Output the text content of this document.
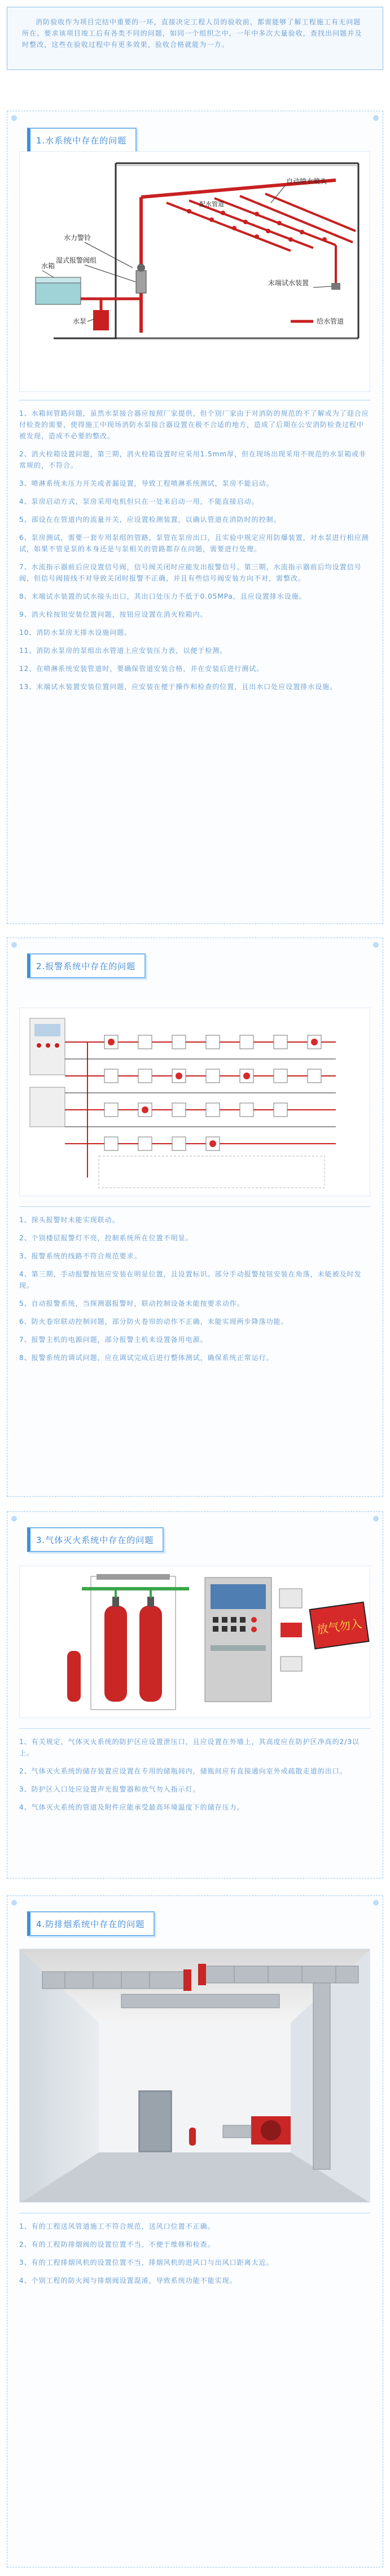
消防验收作为项目完结中重要的一环，直接决定工程人员的验收前，都需能够了解工程施工有无问题所在。要求该项目竣工后有各类不同的问题，如同一个组织之中，一年中多次大量验收，查找出问题并及时整改，这些在验收过程中有更多效果，验收合格就能为一方。

1.水系统中存在的问题
水力警铃
湿式报警阀组
水箱
水泵
自动喷水喷头
末端试水装置
配水管道
给水管道

1、水箱间管路问题，虽然水泵接合器应按照厂家提供，但个别厂家由于对消防的规范的不了解或为了迎合应付检查的需要，使得施工中现场消防水泵接合器设置在极不合适的地方，造成了后期在公安消防检查过程中被发现，造成不必要的整改。

2、消火栓箱设置问题，第三期，消火栓箱设置时应采用1.5mm厚，但在现场出现采用不规范的水泵箱或非常规的，不符合。

3、喷淋系统未压力开关或者漏设置，导致工程喷淋系统测试，泵房不能启动。

4、泵房启动方式，泵房采用电机但只在一处来启动一用，不能直接启动。

5、部设在在管道内的流量开关，应设置检测装置，以确认管道在消防时的控制。

6、泵房测试，需要一套专用泵组的管路，泵管在泵房出口，且实验中规定应用防爆装置，对水泵进行相应测试，如果不管是泵的本身还是与泵相关的管路都存在问题，需要进行处理。

7、水流指示器前后应设置信号阀，信号阀关闭时应能发出报警信号。第三期，水流指示器前后均设置信号阀，但信号阀接线不对导致关闭时报警不正确，并且有些信号阀安装方向不对，需整改。

8、末端试水装置的试水接头出口，其出口处压力不低于0.05MPa，且应设置排水设施。

9、消火栓按钮安装位置问题，按钮应设置在消火栓箱内。

10、消防水泵房无排水设施问题。

11、消防水泵房的泵组出水管道上应安装压力表，以便于检测。

12、在喷淋系统安装管道时，要确保管道安装合格，并在安装后进行测试。

13、末端试水装置安装位置问题，应安装在便于操作和检查的位置，且出水口处应设置排水设施。

2.报警系统中存在的问题

1、探头报警时未能实现联动。

2、个别楼层报警灯不亮，控制系统所在位置不明显。

3、报警系统的线路不符合规范要求。

4、第三期，手动报警按钮应安装在明显位置，且设置标识。部分手动报警按钮安装在角落，未能被及时发现。

5、自动报警系统，当探测器报警时，联动控制设备未能按要求动作。

6、防火卷帘联动控制问题，部分防火卷帘的动作不正确，未能实现两步降落功能。

7、报警主机的电源问题，部分报警主机未设置备用电源。

8、报警系统的调试问题，应在调试完成后进行整体测试，确保系统正常运行。

3.气体灭火系统中存在的问题
放气勿入

1、有关规定，气体灭火系统的防护区应设置泄压口，且应设置在外墙上，其高度应在防护区净高的2/3以上。

2、气体灭火系统的储存装置应设置在专用的储瓶间内，储瓶间应有直接通向室外或疏散走道的出口。

3、防护区入口处应设置声光报警器和放气勿入指示灯。

4、气体灭火系统的管道及附件应能承受最高环境温度下的储存压力。

4.防排烟系统中存在的问题

1、有的工程送风管道施工不符合规范，送风口位置不正确。

2、有的工程防排烟阀的设置位置不当，不便于维修和检查。

3、有的工程排烟风机的设置位置不当，排烟风机的进风口与出风口距离太近。

4、个别工程的防火阀与排烟阀设置混淆，导致系统功能不能实现。
